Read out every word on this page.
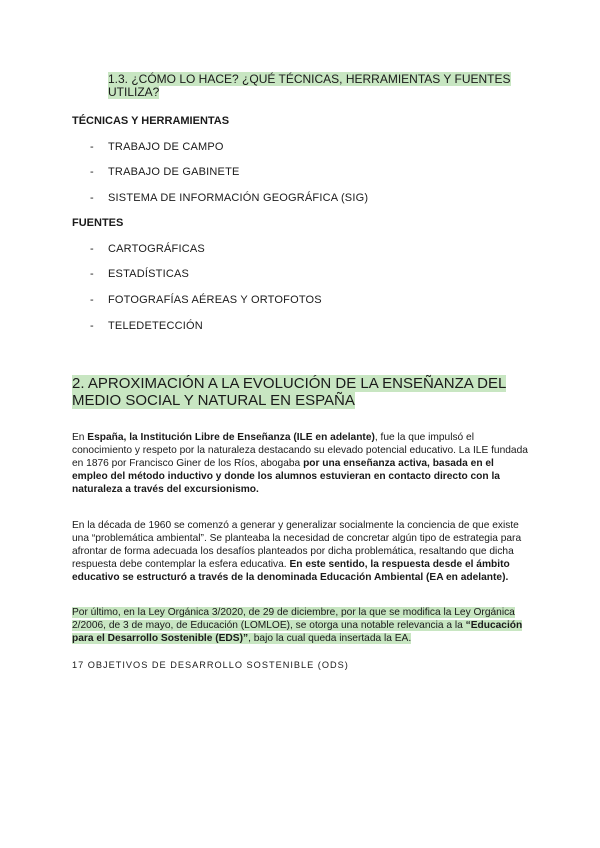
1.3. ¿CÓMO LO HACE? ¿QUÉ TÉCNICAS, HERRAMIENTAS Y FUENTES UTILIZA?
TÉCNICAS Y HERRAMIENTAS
- TRABAJO DE CAMPO
- TRABAJO DE GABINETE
- SISTEMA DE INFORMACIÓN GEOGRÁFICA (SIG)
FUENTES
- CARTOGRÁFICAS
- ESTADÍSTICAS
- FOTOGRAFÍAS AÉREAS Y ORTOFOTOS
- TELEDETECCIÓN
2. APROXIMACIÓN A LA EVOLUCIÓN DE LA ENSEÑANZA DEL MEDIO SOCIAL Y NATURAL EN ESPAÑA
En España, la Institución Libre de Enseñanza (ILE en adelante), fue la que impulsó el conocimiento y respeto por la naturaleza destacando su elevado potencial educativo. La ILE fundada en 1876 por Francisco Giner de los Ríos, abogaba por una enseñanza activa, basada en el empleo del método inductivo y donde los alumnos estuvieran en contacto directo con la naturaleza a través del excursionismo.
En la década de 1960 se comenzó a generar y generalizar socialmente la conciencia de que existe una “problemática ambiental”. Se planteaba la necesidad de concretar algún tipo de estrategia para afrontar de forma adecuada los desafíos planteados por dicha problemática, resaltando que dicha respuesta debe contemplar la esfera educativa. En este sentido, la respuesta desde el ámbito educativo se estructuró a través de la denominada Educación Ambiental (EA en adelante).
Por último, en la Ley Orgánica 3/2020, de 29 de diciembre, por la que se modifica la Ley Orgánica 2/2006, de 3 de mayo, de Educación (LOMLOE), se otorga una notable relevancia a la “Educación para el Desarrollo Sostenible (EDS)”, bajo la cual queda insertada la EA.
17 OBJETIVOS DE DESARROLLO SOSTENIBLE (ODS)
